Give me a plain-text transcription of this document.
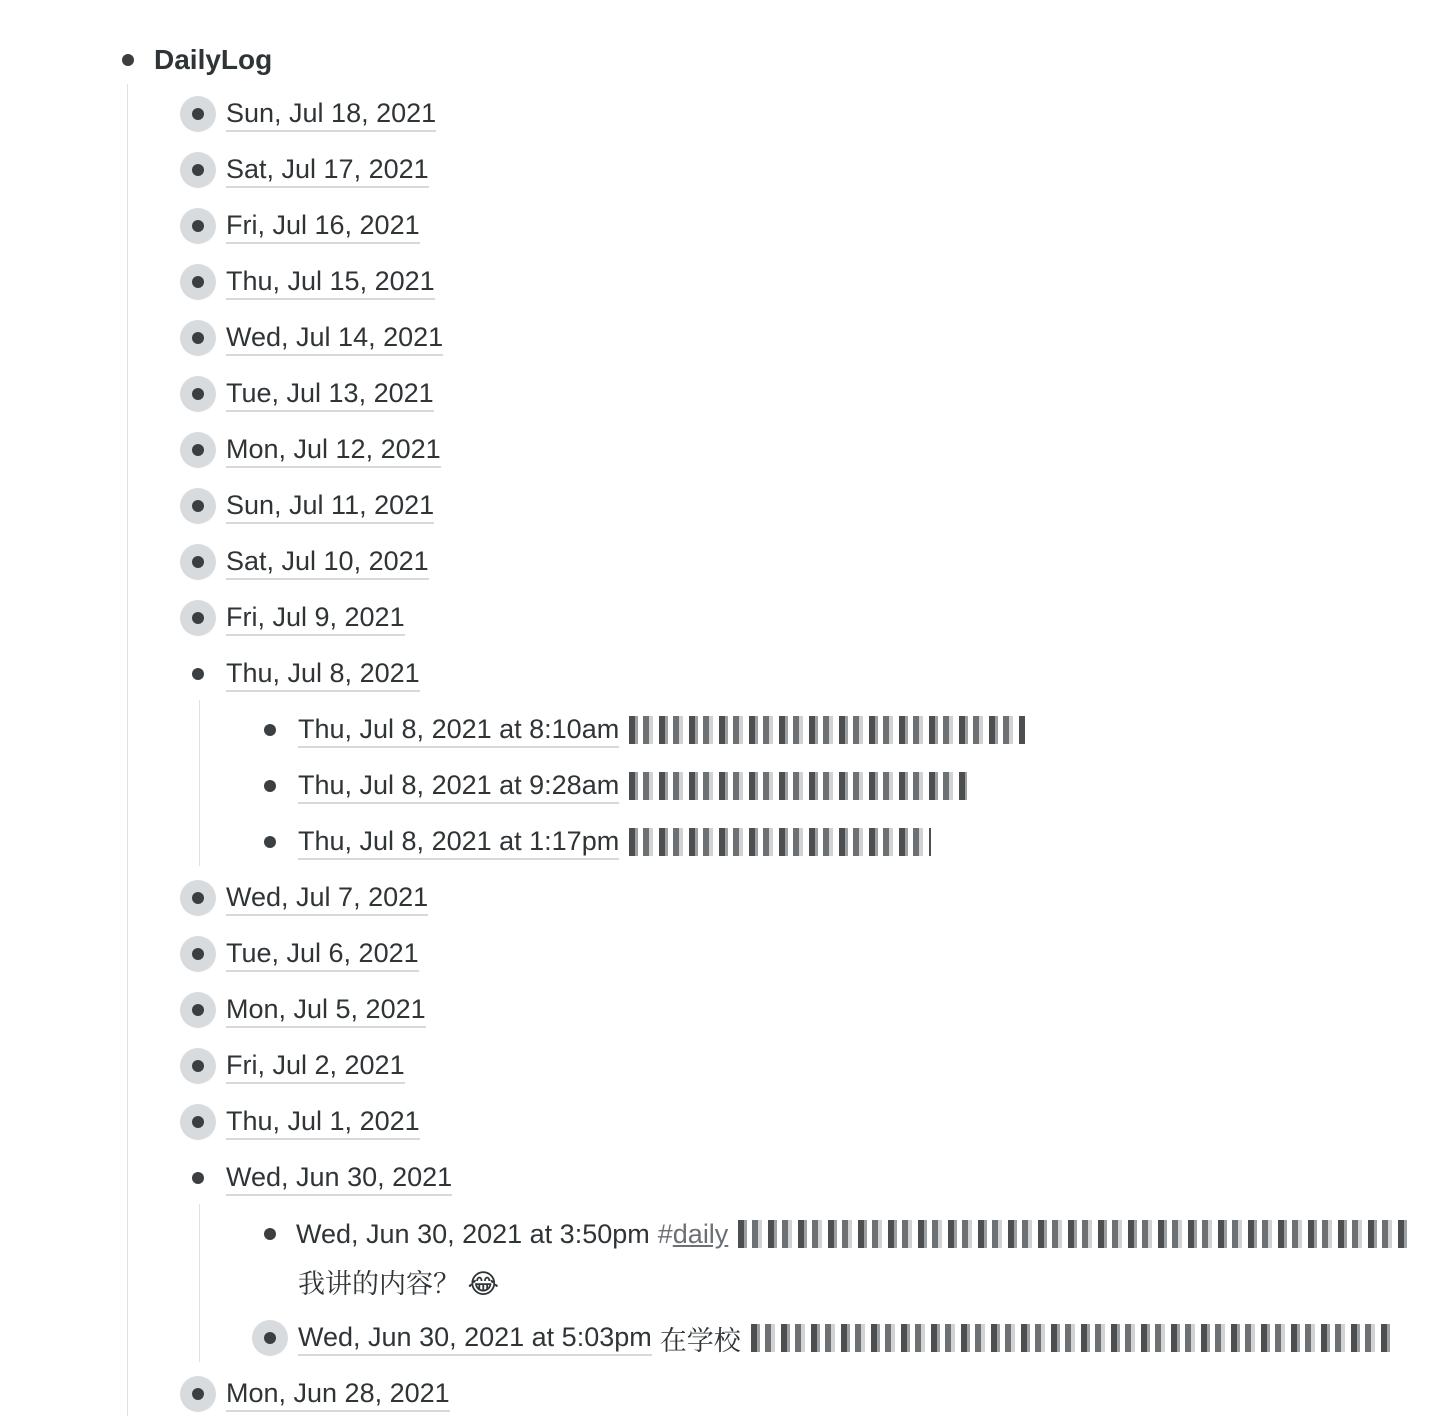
DailyLog
Sun, Jul 18, 2021
Sat, Jul 17, 2021
Fri, Jul 16, 2021
Thu, Jul 15, 2021
Wed, Jul 14, 2021
Tue, Jul 13, 2021
Mon, Jul 12, 2021
Sun, Jul 11, 2021
Sat, Jul 10, 2021
Fri, Jul 9, 2021
Thu, Jul 8, 2021
Thu, Jul 8, 2021 at 8:10am
Thu, Jul 8, 2021 at 9:28am
Thu, Jul 8, 2021 at 1:17pm
Wed, Jul 7, 2021
Tue, Jul 6, 2021
Mon, Jul 5, 2021
Fri, Jul 2, 2021
Thu, Jul 1, 2021
Wed, Jun 30, 2021
Wed, Jun 30, 2021 at 3:50pm #daily
我讲的内容？ 😂
Wed, Jun 30, 2021 at 5:03pm 在学校
Mon, Jun 28, 2021
